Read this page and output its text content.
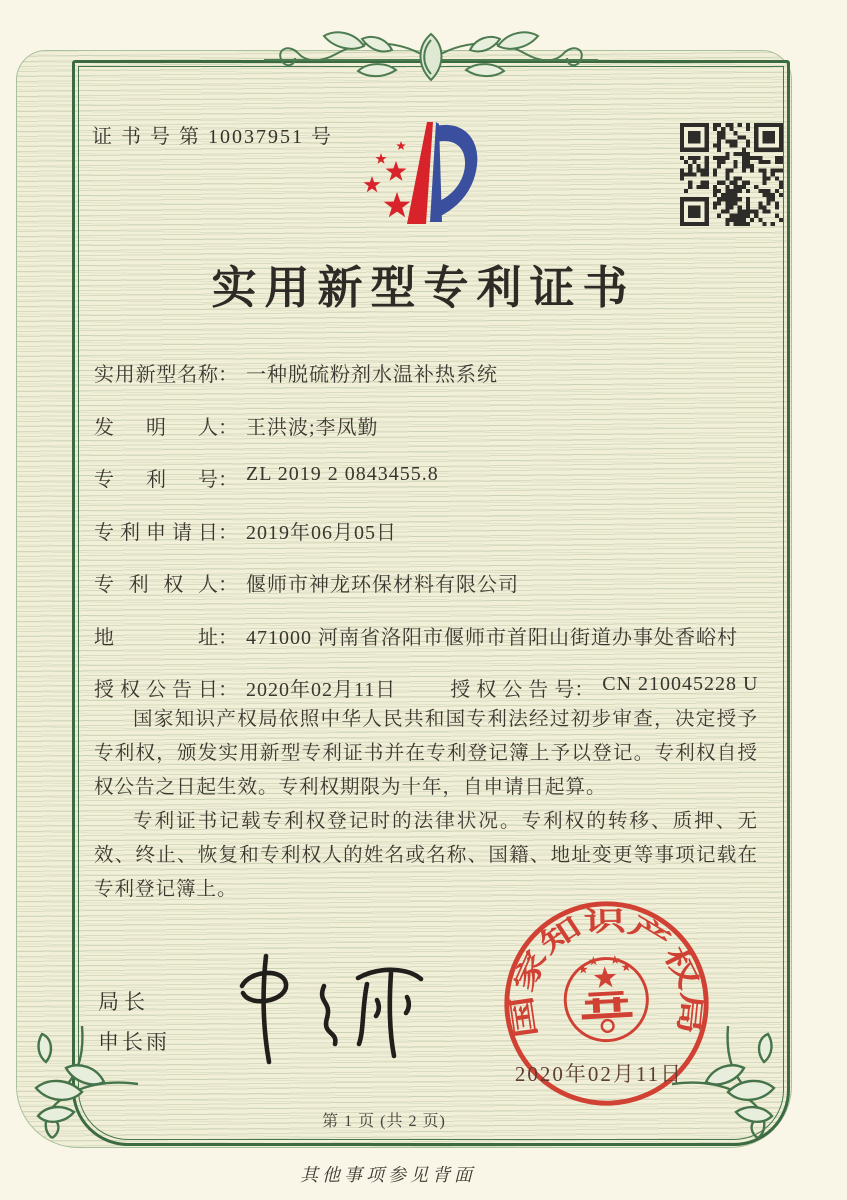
证 书 号 第 10037951 号
实用新型专利证书
实用新型名称 ： 一种脱硫粉剂水温补热系统
发明人 ： 王洪波;李凤勤
专利号 ： ZL 2019 2 0843455.8
专利申请日 ： 2019年06月05日
专利权人 ： 偃师市神龙环保材料有限公司
地址 ： 471000 河南省洛阳市偃师市首阳山街道办事处香峪村
授权公告日 ： 2020年02月11日	授权公告号 ： CN 210045228 U

国家知识产权局依照中华人民共和国专利法经过初步审查，决定授予专利权，颁发实用新型专利证书并在专利登记簿上予以登记。专利权自授权公告之日起生效。专利权期限为十年，自申请日起算。

专利证书记载专利权登记时的法律状况。专利权的转移、质押、无效、终止、恢复和专利权人的姓名或名称、国籍、地址变更等事项记载在专利登记簿上。

局长
申长雨
国家知识产权局
2020年02月11日
第 1 页 (共 2 页)
其他事项参见背面
